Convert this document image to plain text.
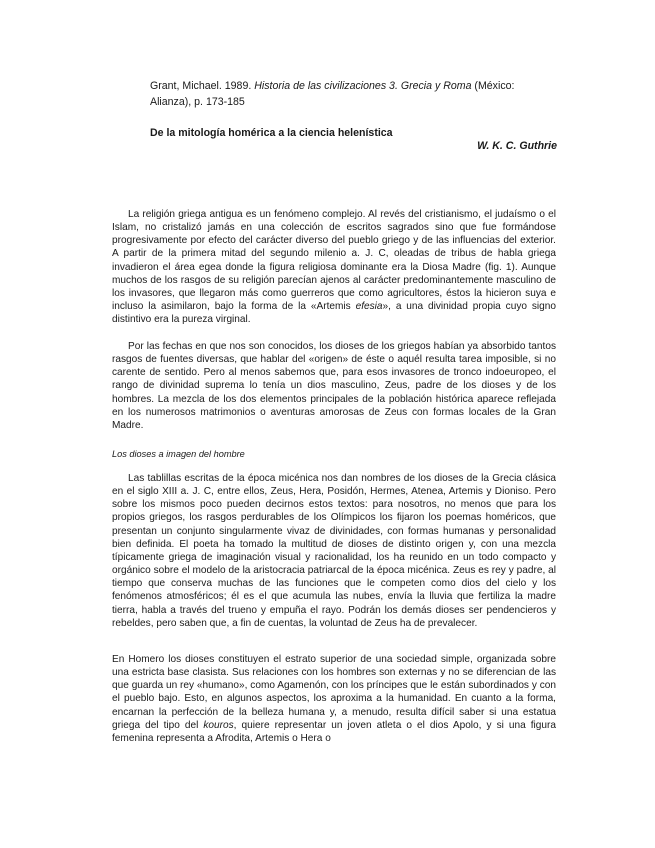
Grant, Michael. 1989. Historia de las civilizaciones 3. Grecia y Roma (México: Alianza), p. 173-185
De la mitología homérica a la ciencia helenística
W. K. C. Guthrie

La religión griega antigua es un fenómeno complejo. Al revés del cristianismo, el judaísmo o el Islam, no cristalizó jamás en una colección de escritos sagrados sino que fue formándose progresivamente por efecto del carácter diverso del pueblo griego y de las influencias del exterior. A partir de la primera mitad del segundo milenio a. J. C, oleadas de tribus de habla griega invadieron el área egea donde la figura religiosa dominante era la Diosa Madre (fig. 1). Aunque muchos de los rasgos de su religión parecían ajenos al carácter predominantemente masculino de los invasores, que llegaron más como guerreros que como agricultores, éstos la hicieron suya e incluso la asimilaron, bajo la forma de la «Artemis efesia», a una divinidad propia cuyo signo distintivo era la pureza virginal.

Por las fechas en que nos son conocidos, los dioses de los griegos habían ya absorbido tantos rasgos de fuentes diversas, que hablar del «origen» de éste o aquél resulta tarea imposible, si no carente de sentido. Pero al menos sabemos que, para esos invasores de tronco indoeuropeo, el rango de divinidad suprema lo tenía un dios masculino, Zeus, padre de los dioses y de los hombres. La mezcla de los dos elementos principales de la población histórica aparece reflejada en los numerosos matrimonios o aventuras amorosas de Zeus con formas locales de la Gran Madre.

Los dioses a imagen del hombre

Las tablillas escritas de la época micénica nos dan nombres de los dioses de la Grecia clásica en el siglo XIII a. J. C, entre ellos, Zeus, Hera, Posidón, Hermes, Atenea, Artemis y Dioniso. Pero sobre los mismos poco pueden decirnos estos textos: para nosotros, no menos que para los propios griegos, los rasgos perdurables de los Olímpicos los fijaron los poemas homéricos, que presentan un conjunto singularmente vivaz de divinidades, con formas humanas y personalidad bien definida. El poeta ha tomado la multitud de dioses de distinto origen y, con una mezcla típicamente griega de imaginación visual y racionalidad, los ha reunido en un todo compacto y orgánico sobre el modelo de la aristocracia patriarcal de la época micénica. Zeus es rey y padre, al tiempo que conserva muchas de las funciones que le competen como dios del cielo y los fenómenos atmosféricos; él es el que acumula las nubes, envía la lluvia que fertiliza la madre tierra, habla a través del trueno y empuña el rayo. Podrán los demás dioses ser pendencieros y rebeldes, pero saben que, a fin de cuentas, la voluntad de Zeus ha de prevalecer.

En Homero los dioses constituyen el estrato superior de una sociedad simple, organizada sobre una estricta base clasista. Sus relaciones con los hombres son externas y no se diferencian de las que guarda un rey «humano», como Agamenón, con los príncipes que le están subordinados y con el pueblo bajo. Esto, en algunos aspectos, los aproxima a la humanidad. En cuanto a la forma, encarnan la perfección de la belleza humana y, a menudo, resulta difícil saber si una estatua griega del tipo del kouros, quiere representar un joven atleta o el dios Apolo, y si una figura femenina representa a Afrodita, Artemis o Hera o
